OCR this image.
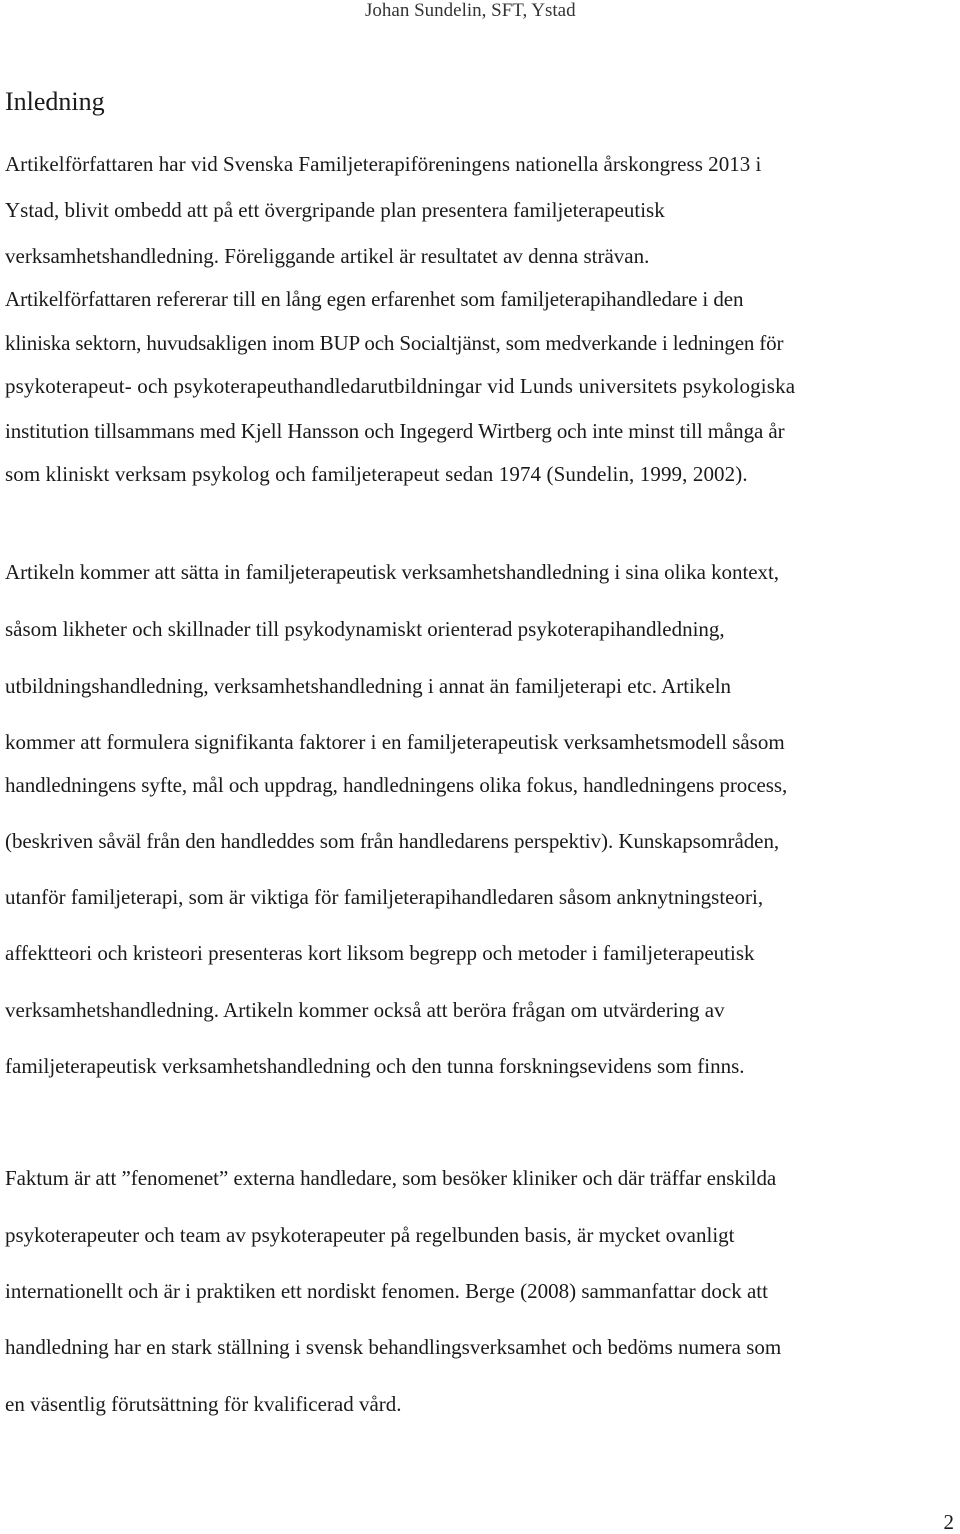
Johan Sundelin, SFT, Ystad
Inledning
Artikelförfattaren har vid Svenska Familjeterapiföreningens nationella årskongress 2013 i
Ystad, blivit ombedd att på ett övergripande plan presentera familjeterapeutisk
verksamhetshandledning. Föreliggande artikel är resultatet av denna strävan.
Artikelförfattaren refererar till en lång egen erfarenhet som familjeterapihandledare i den
kliniska sektorn, huvudsakligen inom BUP och Socialtjänst, som medverkande i ledningen för
psykoterapeut- och psykoterapeuthandledarutbildningar vid Lunds universitets psykologiska
institution tillsammans med Kjell Hansson och Ingegerd Wirtberg och inte minst till många år
som kliniskt verksam psykolog och familjeterapeut sedan 1974 (Sundelin, 1999, 2002).
Artikeln kommer att sätta in familjeterapeutisk verksamhetshandledning i sina olika kontext,
såsom likheter och skillnader till psykodynamiskt orienterad psykoterapihandledning,
utbildningshandledning, verksamhetshandledning i annat än familjeterapi etc. Artikeln
kommer att formulera signifikanta faktorer i en familjeterapeutisk verksamhetsmodell såsom
handledningens syfte, mål och uppdrag, handledningens olika fokus, handledningens process,
(beskriven såväl från den handleddes som från handledarens perspektiv). Kunskapsområden,
utanför familjeterapi, som är viktiga för familjeterapihandledaren såsom anknytningsteori,
affektteori och kristeori presenteras kort liksom begrepp och metoder i familjeterapeutisk
verksamhetshandledning. Artikeln kommer också att beröra frågan om utvärdering av
familjeterapeutisk verksamhetshandledning och den tunna forskningsevidens som finns.
Faktum är att ”fenomenet” externa handledare, som besöker kliniker och där träffar enskilda
psykoterapeuter och team av psykoterapeuter på regelbunden basis, är mycket ovanligt
internationellt och är i praktiken ett nordiskt fenomen. Berge (2008) sammanfattar dock att
handledning har en stark ställning i svensk behandlingsverksamhet och bedöms numera som
en väsentlig förutsättning för kvalificerad vård.
2
